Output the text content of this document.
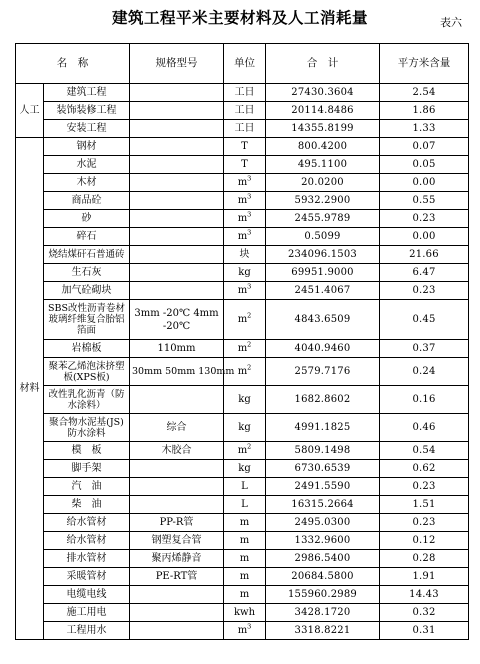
建筑工程平米主要材料及人工消耗量	表六
名　称		规格型号	单位	合　计	平方米含量
人工	建筑工程		工日	27430.3604	2.54
	装饰装修工程		工日	20114.8486	1.86
	安装工程		工日	14355.8199	1.33
材料	钢材		T	800.4200	0.07
	水泥		T	495.1100	0.05
	木材		$m^3$	20.0200	0.00
	商品砼		$m^3$	5932.2900	0.55
	砂		$m^3$	2455.9789	0.23
	碎石		$m^3$	0.5099	0.00
	烧结煤矸石普通砖		块	234096.1503	21.66
	生石灰		kg	69951.9000	6.47
	加气砼砌块		$m^3$	2451.4067	0.23
	SBS改性沥青卷材玻璃纤维复合胎铝箔面	3mm -20℃ 4mm -20℃	$m^2$	4843.6509	0.45
	岩棉板	110mm	$m^2$	4040.9460	0.37
	聚苯乙烯泡沫挤塑板(XPS板)	30mm 50mm 130mm	$m^2$	2579.7176	0.24
	改性乳化沥青（防水涂料）		kg	1682.8602	0.16
	聚合物水泥基(JS)防水涂料	综合	kg	4991.1825	0.46
	模　板	木胶合	$m^2$	5809.1498	0.54
	脚手架		kg	6730.6539	0.62
	汽　油		L	2491.5590	0.23
	柴　油		L	16315.2664	1.51
	给水管材	PP-R管	m	2495.0300	0.23
	给水管材	钢塑复合管	m	1332.9600	0.12
	排水管材	聚丙烯静音	m	2986.5400	0.28
	采暖管材	PE-RT管	m	20684.5800	1.91
	电缆电线		m	155960.2989	14.43
	施工用电		kwh	3428.1720	0.32
	工程用水		$m^3$	3318.8221	0.31
